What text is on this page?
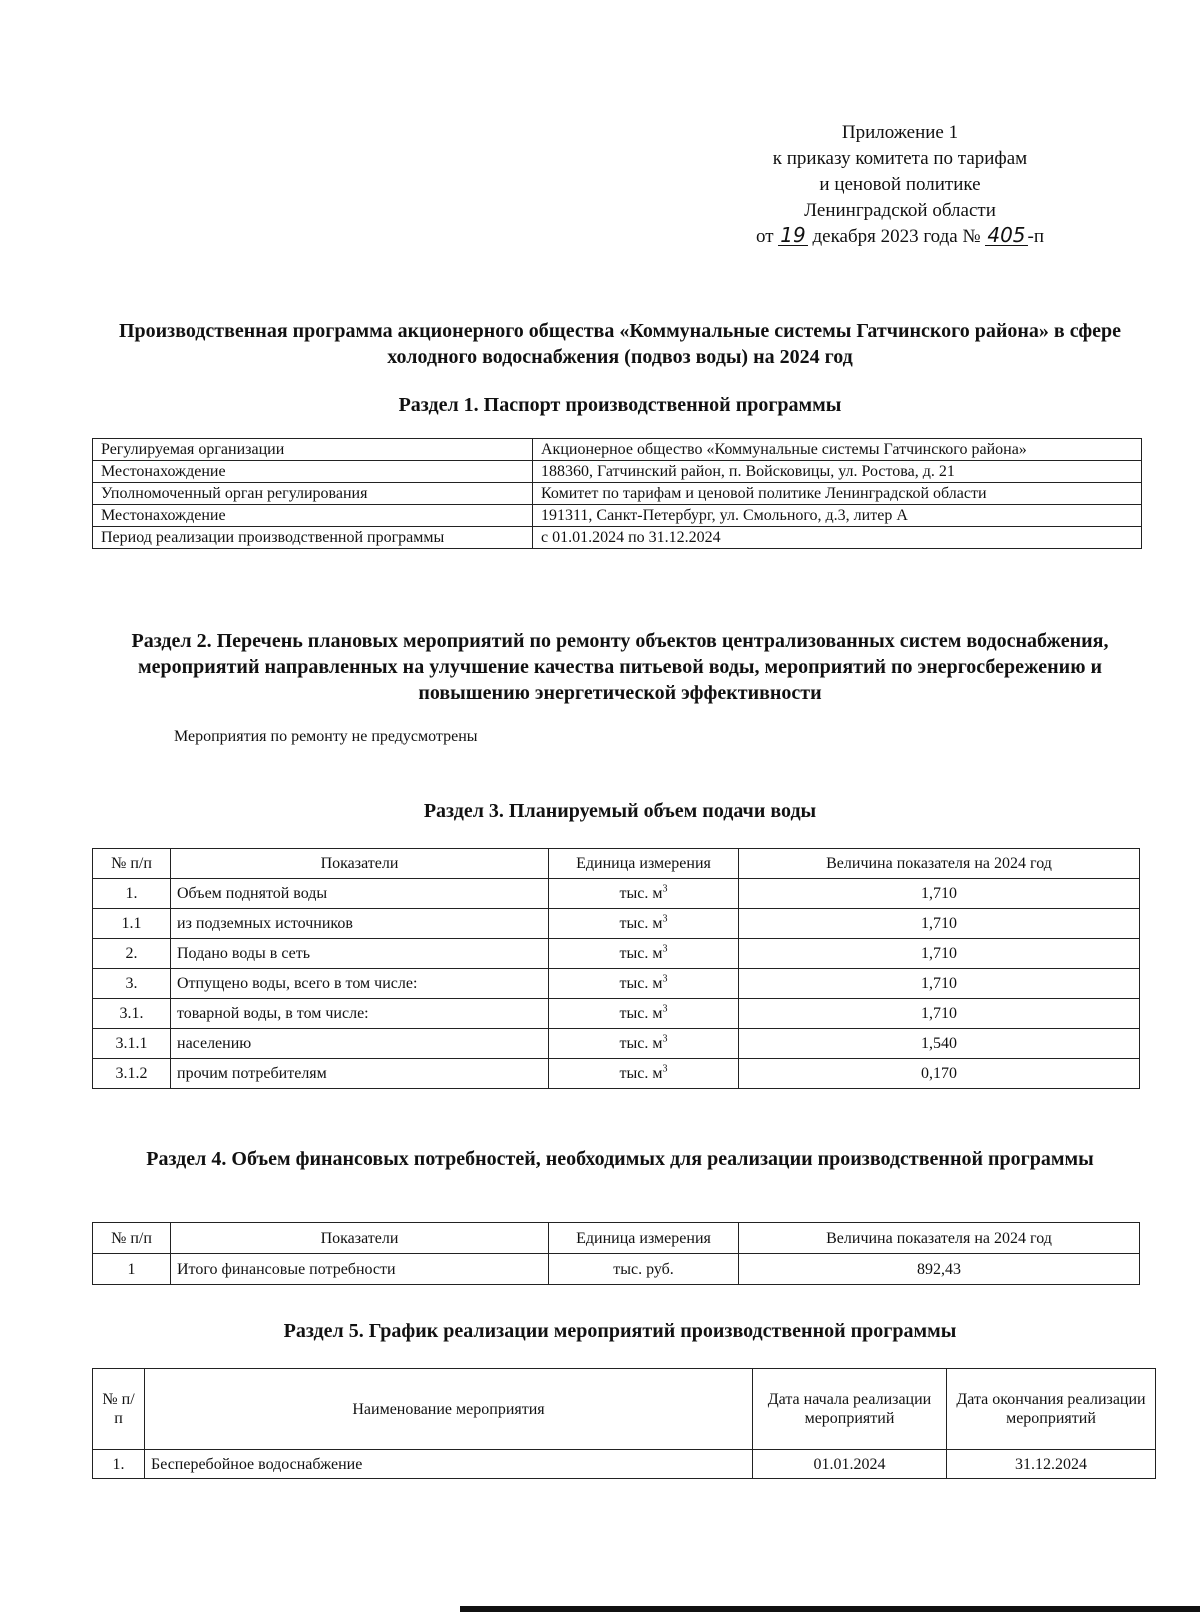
Приложение 1
к приказу комитета по тарифам
и ценовой политике
Ленинградской области
от 19 декабря 2023 года № 405 -п
Производственная программа акционерного общества «Коммунальные системы Гатчинского района» в сфере холодного водоснабжения (подвоз воды) на 2024 год
Раздел 1. Паспорт производственной программы
Регулируемая организации	Акционерное общество «Коммунальные системы Гатчинского района»
Местонахождение	188360, Гатчинский район, п. Войсковицы, ул. Ростова, д. 21
Уполномоченный орган регулирования	Комитет по тарифам и ценовой политике Ленинградской области
Местонахождение	191311, Санкт-Петербург, ул. Смольного, д.3, литер А
Период реализации производственной программы	с 01.01.2024 по 31.12.2024
Раздел 2. Перечень плановых мероприятий по ремонту объектов централизованных систем водоснабжения, мероприятий направленных на улучшение качества питьевой воды, мероприятий по энергосбережению и повышению энергетической эффективности
Мероприятия по ремонту не предусмотрены
Раздел 3. Планируемый объем подачи воды
№ п/п	Показатели	Единица измерения	Величина показателя на 2024 год
1.	Объем поднятой воды	тыс. $м^3$	1,710
1.1	из подземных источников	тыс. $м^3$	1,710
2.	Подано воды в сеть	тыс. $м^3$	1,710
3.	Отпущено воды, всего в том числе:	тыс. $м^3$	1,710
3.1.	товарной воды, в том числе:	тыс. $м^3$	1,710
3.1.1	населению	тыс. $м^3$	1,540
3.1.2	прочим потребителям	тыс. $м^3$	0,170
Раздел 4. Объем финансовых потребностей, необходимых для реализации производственной программы
№ п/п	Показатели	Единица измерения	Величина показателя на 2024 год
1	Итого финансовые потребности	тыс. руб.	892,43
Раздел 5. График реализации мероприятий производственной программы
№ п/п	Наименование мероприятия	Дата начала реализации мероприятий	Дата окончания реализации мероприятий
1.	Бесперебойное водоснабжение	01.01.2024	31.12.2024
